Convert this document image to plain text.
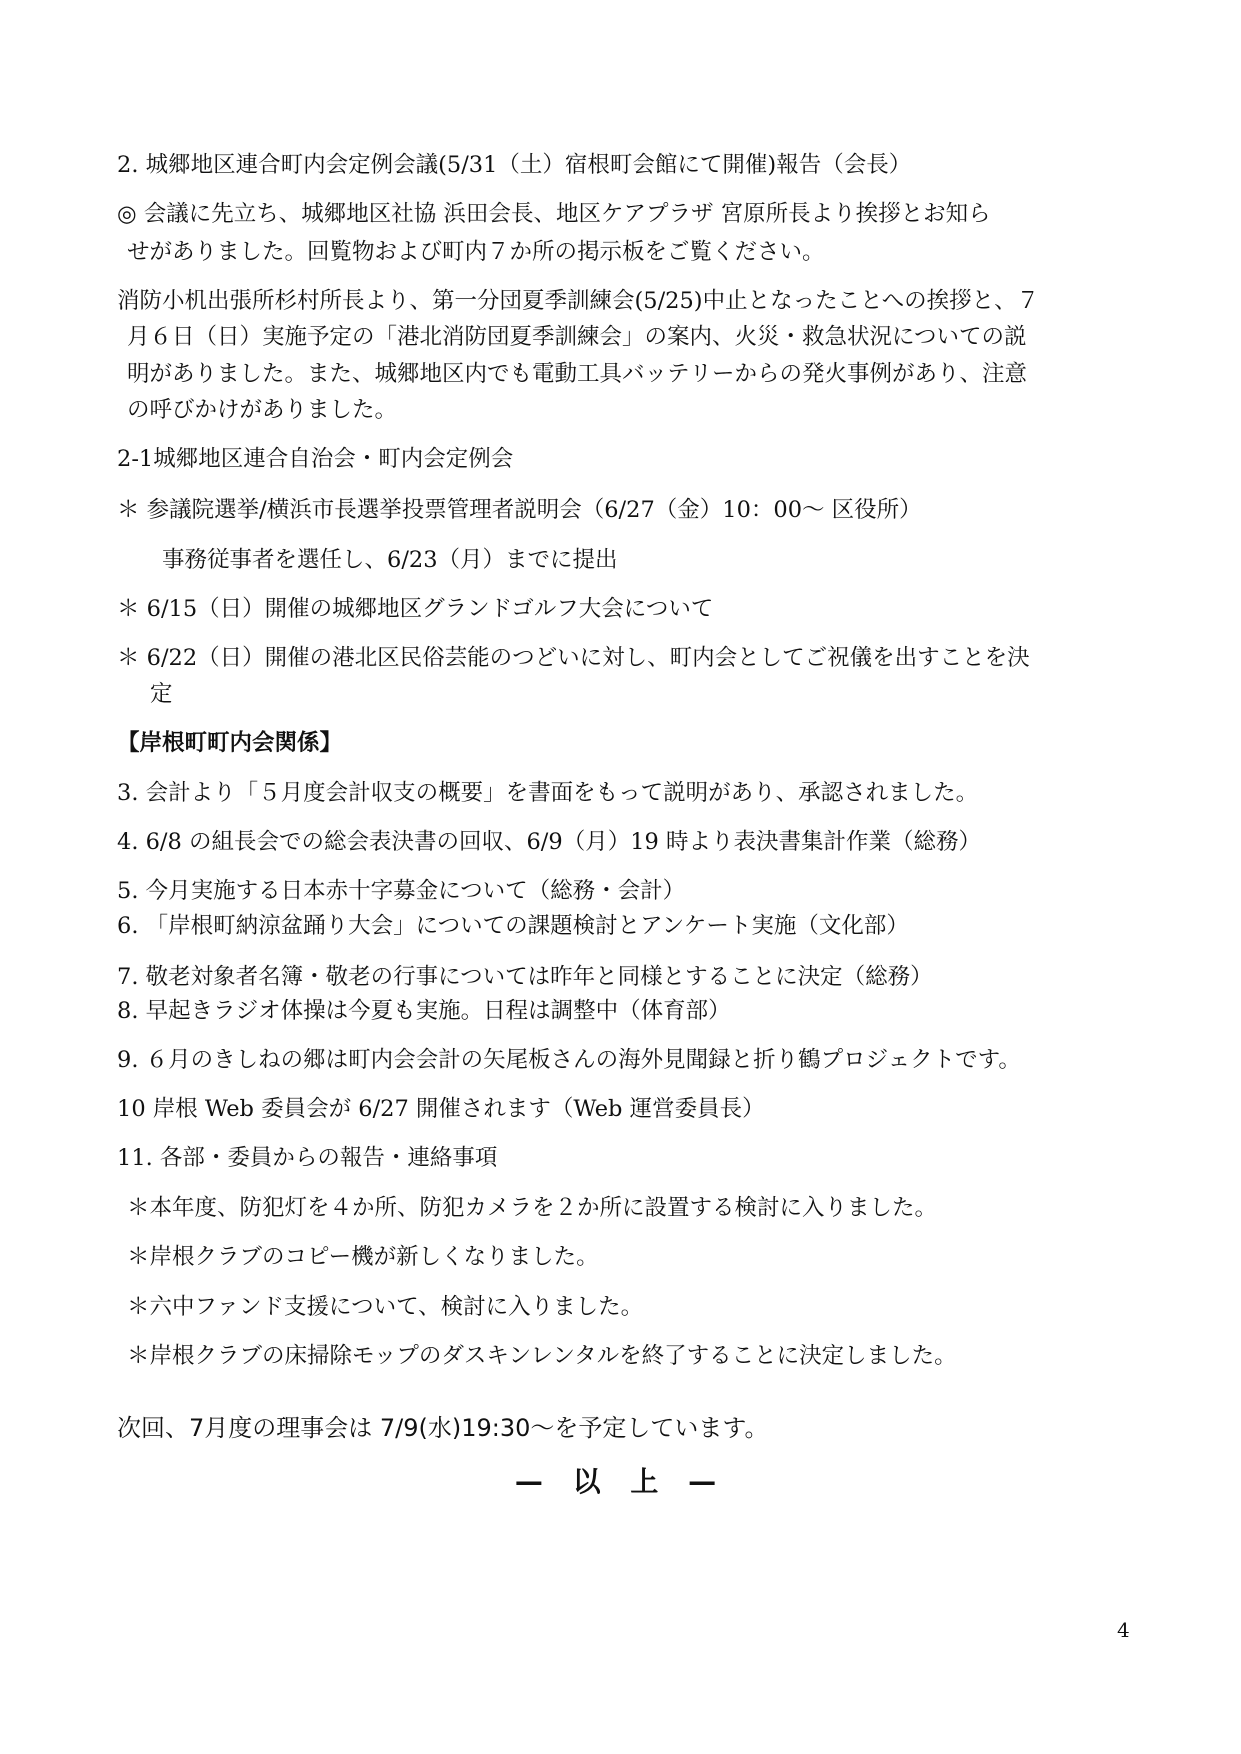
2. 城郷地区連合町内会定例会議(5/31（土）宿根町会館にて開催)報告（会長）
◎ 会議に先立ち、城郷地区社協 浜田会長、地区ケアプラザ 宮原所長より挨拶とお知ら
せがありました。回覧物および町内７か所の掲示板をご覧ください。
消防小机出張所杉村所長より、第一分団夏季訓練会(5/25)中止となったことへの挨拶と、７
月６日（日）実施予定の「港北消防団夏季訓練会」の案内、火災・救急状況についての説
明がありました。また、城郷地区内でも電動工具バッテリーからの発火事例があり、注意
の呼びかけがありました。
2-1城郷地区連合自治会・町内会定例会
＊ 参議院選挙/横浜市長選挙投票管理者説明会（6/27（金）10：00〜 区役所）
事務従事者を選任し、6/23（月）までに提出
＊ 6/15（日）開催の城郷地区グランドゴルフ大会について
＊ 6/22（日）開催の港北区民俗芸能のつどいに対し、町内会としてご祝儀を出すことを決
定
【岸根町町内会関係】
3. 会計より「５月度会計収支の概要」を書面をもって説明があり、承認されました。
4. 6/8 の組長会での総会表決書の回収、6/9（月）19 時より表決書集計作業（総務）
5. 今月実施する日本赤十字募金について（総務・会計）
6. 「岸根町納涼盆踊り大会」についての課題検討とアンケート実施（文化部）
7. 敬老対象者名簿・敬老の行事については昨年と同様とすることに決定（総務）
8. 早起きラジオ体操は今夏も実施。日程は調整中（体育部）
9. ６月のきしねの郷は町内会会計の矢尾板さんの海外見聞録と折り鶴プロジェクトです。
10 岸根 Web 委員会が 6/27 開催されます（Web 運営委員長）
11. 各部・委員からの報告・連絡事項
＊本年度、防犯灯を４か所、防犯カメラを２か所に設置する検討に入りました。
＊岸根クラブのコピー機が新しくなりました。
＊六中ファンド支援について、検討に入りました。
＊岸根クラブの床掃除モップのダスキンレンタルを終了することに決定しました。
次回、7月度の理事会は 7/9(水)19:30〜を予定しています。
— 以 上 —
4
